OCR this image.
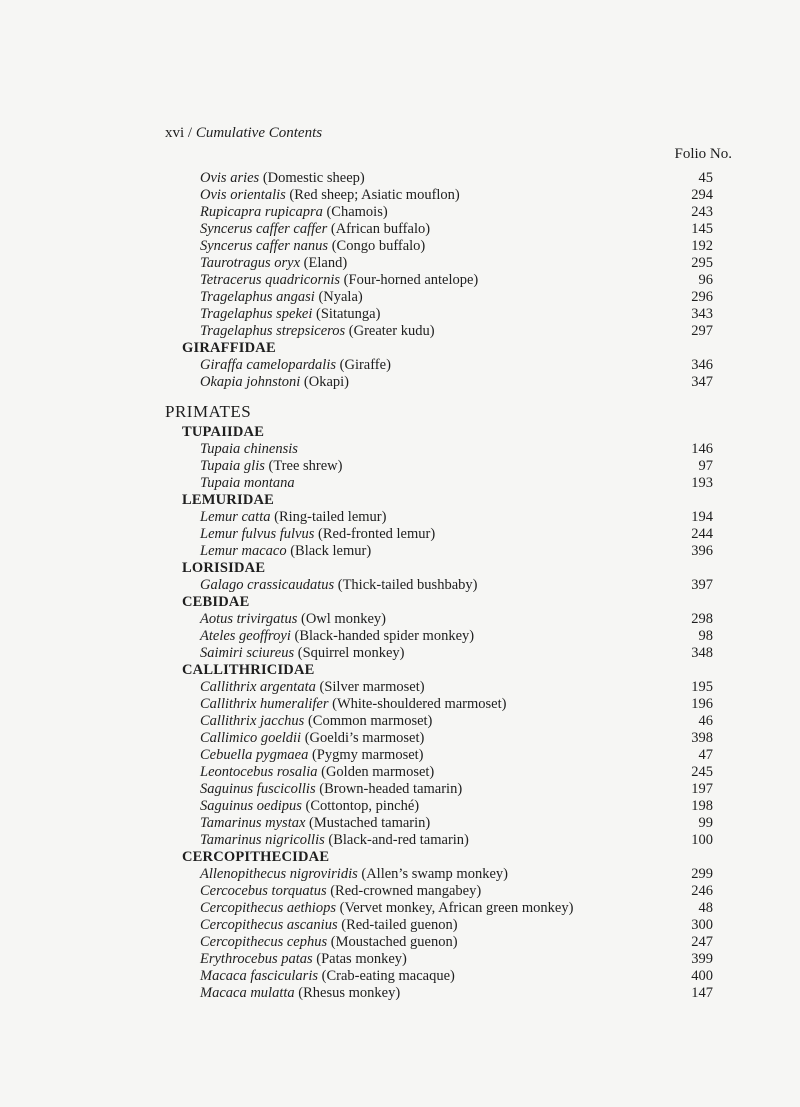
xvi / Cumulative Contents
Folio No.
Ovis aries (Domestic sheep)	45
Ovis orientalis (Red sheep; Asiatic mouflon)	294
Rupicapra rupicapra (Chamois)	243
Syncerus caffer caffer (African buffalo)	145
Syncerus caffer nanus (Congo buffalo)	192
Taurotragus oryx (Eland)	295
Tetracerus quadricornis (Four-horned antelope)	96
Tragelaphus angasi (Nyala)	296
Tragelaphus spekei (Sitatunga)	343
Tragelaphus strepsiceros (Greater kudu)	297
GIRAFFIDAE
Giraffa camelopardalis (Giraffe)	346
Okapia johnstoni (Okapi)	347
PRIMATES
TUPAIIDAE
Tupaia chinensis	146
Tupaia glis (Tree shrew)	97
Tupaia montana	193
LEMURIDAE
Lemur catta (Ring-tailed lemur)	194
Lemur fulvus fulvus (Red-fronted lemur)	244
Lemur macaco (Black lemur)	396
LORISIDAE
Galago crassicaudatus (Thick-tailed bushbaby)	397
CEBIDAE
Aotus trivirgatus (Owl monkey)	298
Ateles geoffroyi (Black-handed spider monkey)	98
Saimiri sciureus (Squirrel monkey)	348
CALLITHRICIDAE
Callithrix argentata (Silver marmoset)	195
Callithrix humeralifer (White-shouldered marmoset)	196
Callithrix jacchus (Common marmoset)	46
Callimico goeldii (Goeldi’s marmoset)	398
Cebuella pygmaea (Pygmy marmoset)	47
Leontocebus rosalia (Golden marmoset)	245
Saguinus fuscicollis (Brown-headed tamarin)	197
Saguinus oedipus (Cottontop, pinché)	198
Tamarinus mystax (Mustached tamarin)	99
Tamarinus nigricollis (Black-and-red tamarin)	100
CERCOPITHECIDAE
Allenopithecus nigroviridis (Allen’s swamp monkey)	299
Cercocebus torquatus (Red-crowned mangabey)	246
Cercopithecus aethiops (Vervet monkey, African green monkey)	48
Cercopithecus ascanius (Red-tailed guenon)	300
Cercopithecus cephus (Moustached guenon)	247
Erythrocebus patas (Patas monkey)	399
Macaca fascicularis (Crab-eating macaque)	400
Macaca mulatta (Rhesus monkey)	147
